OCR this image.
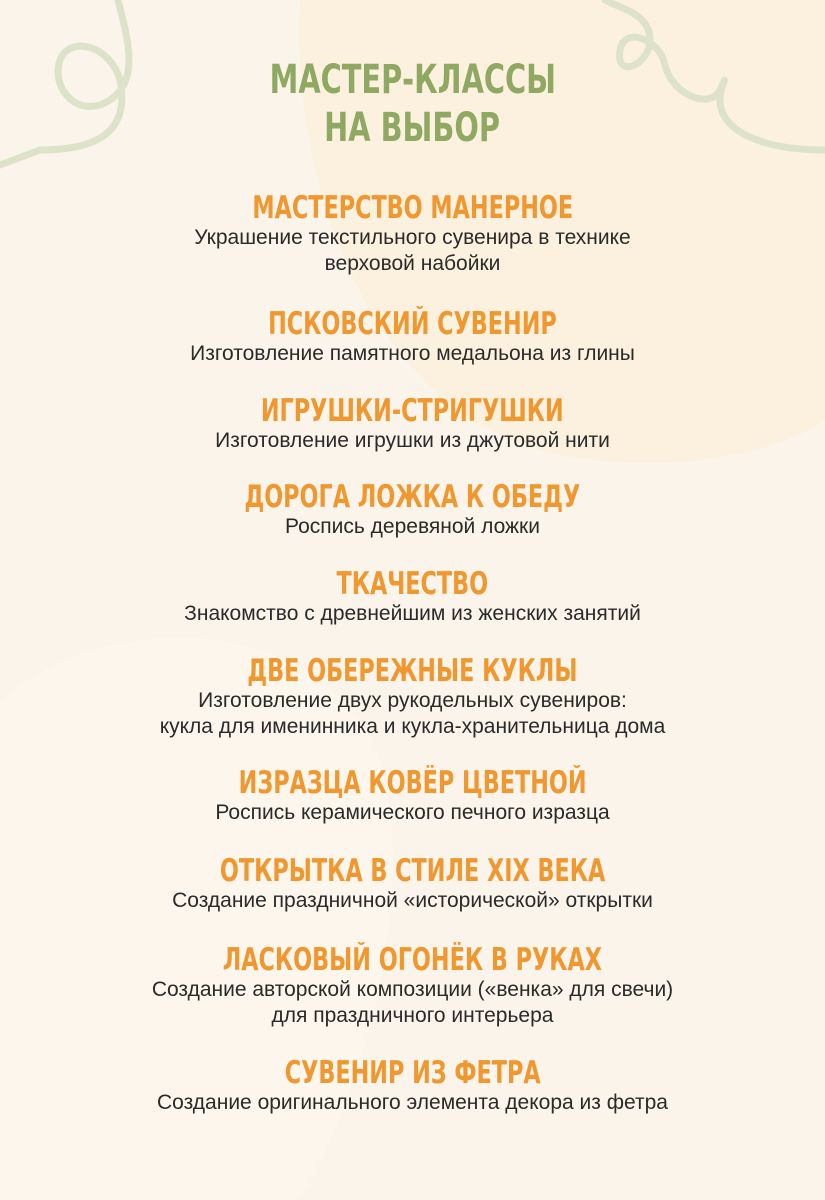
МАСТЕР-КЛАССЫ
НА ВЫБОР
МАСТЕРСТВО МАНЕРНОЕ
Украшение текстильного сувенира в технике
верховой набойки
ПСКОВСКИЙ СУВЕНИР
Изготовление памятного медальона из глины
ИГРУШКИ-СТРИГУШКИ
Изготовление игрушки из джутовой нити
ДОРОГА ЛОЖКА К ОБЕДУ
Роспись деревяной ложки
ТКАЧЕСТВО
Знакомство с древнейшим из женских занятий
ДВЕ ОБЕРЕЖНЫЕ КУКЛЫ
Изготовление двух рукодельных сувениров:
кукла для именинника и кукла-хранительница дома
ИЗРАЗЦА КОВЁР ЦВЕТНОЙ
Роспись керамического печного изразца
ОТКРЫТКА В СТИЛЕ XIX ВЕКА
Создание праздничной «исторической» открытки
ЛАСКОВЫЙ ОГОНЁК В РУКАХ
Создание авторской композиции («венка» для свечи)
для праздничного интерьера
СУВЕНИР ИЗ ФЕТРА
Создание оригинального элемента декора из фетра
